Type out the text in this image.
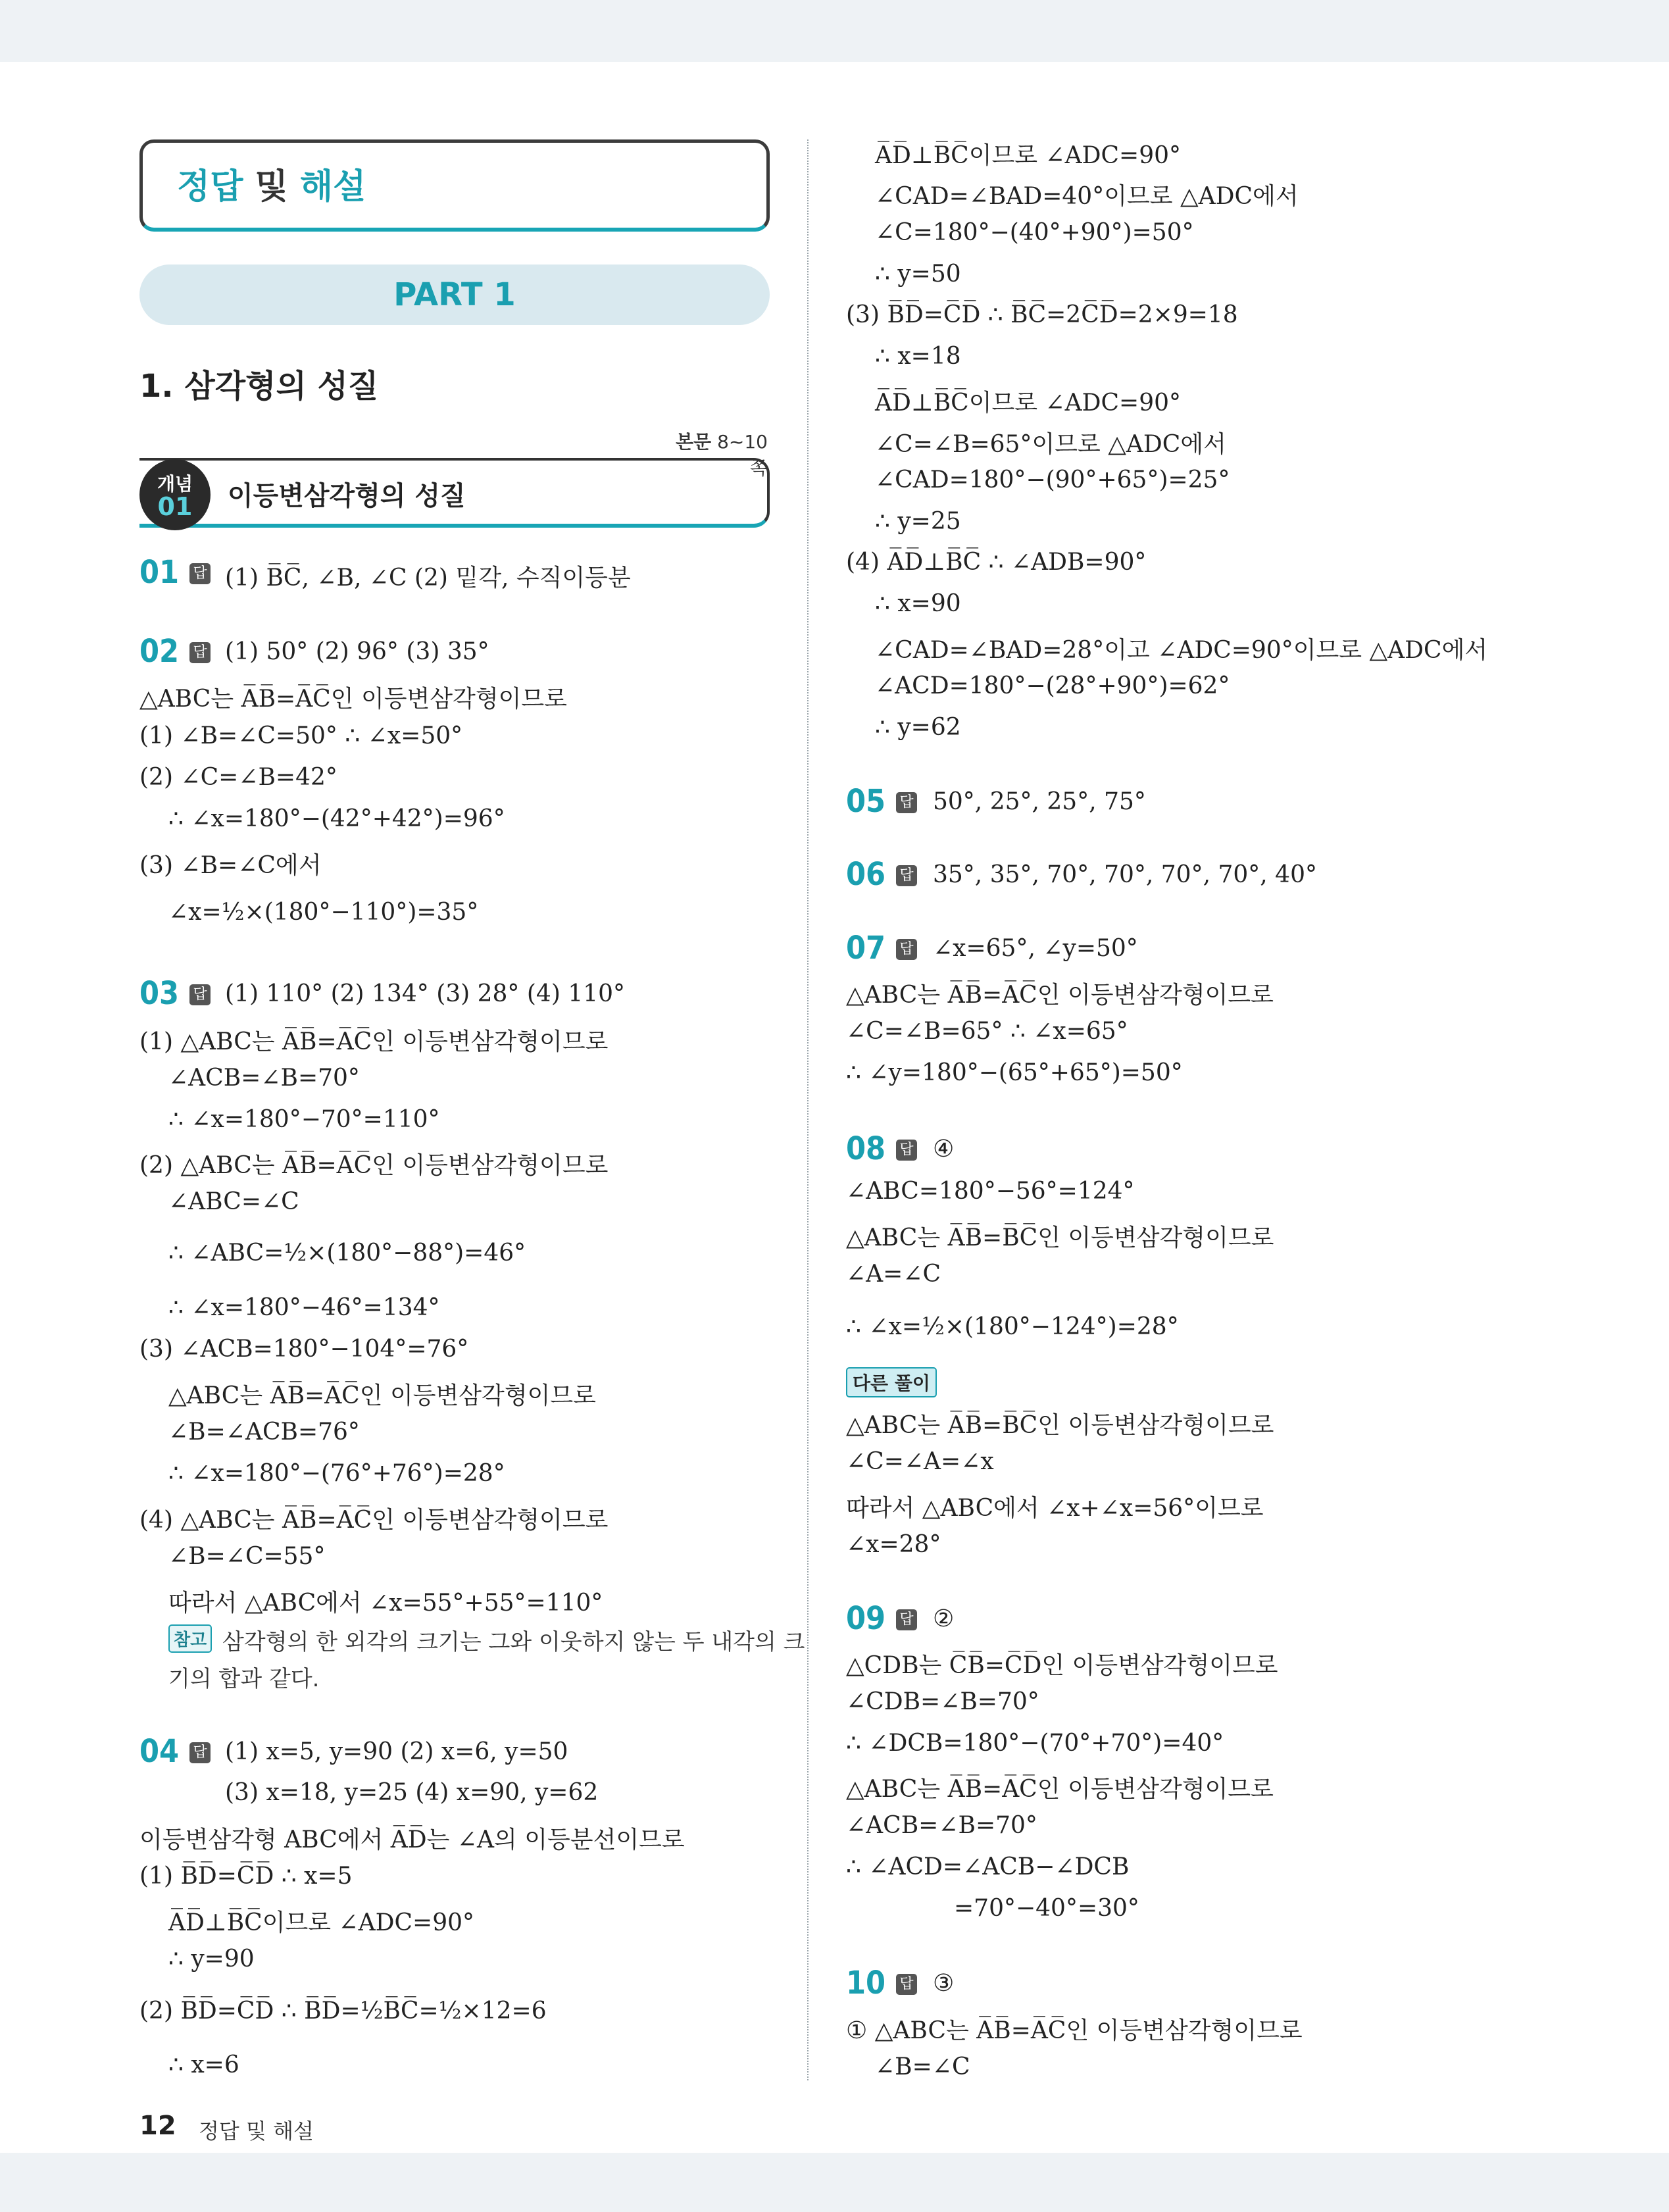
정답 및 해설
PART 1
1. 삼각형의 성질
본문 8~10쪽
개념
01	이등변삼각형의 성질
01 답 (1) B̅C̅, ∠B, ∠C (2) 밑각, 수직이등분
02 답 (1) 50° (2) 96° (3) 35°
△ABC는 A̅B̅=A̅C̅인 이등변삼각형이므로
(1) ∠B=∠C=50° ∴ ∠x=50°
(2) ∠C=∠B=42°
∴ ∠x=180°−(42°+42°)=96°
(3) ∠B=∠C에서
∠x=½×(180°−110°)=35°
03 답 (1) 110° (2) 134° (3) 28° (4) 110°
(1) △ABC는 A̅B̅=A̅C̅인 이등변삼각형이므로
∠ACB=∠B=70°
∴ ∠x=180°−70°=110°
(2) △ABC는 A̅B̅=A̅C̅인 이등변삼각형이므로
∠ABC=∠C
∴ ∠ABC=½×(180°−88°)=46°
∴ ∠x=180°−46°=134°
(3) ∠ACB=180°−104°=76°
△ABC는 A̅B̅=A̅C̅인 이등변삼각형이므로
∠B=∠ACB=76°
∴ ∠x=180°−(76°+76°)=28°
(4) △ABC는 A̅B̅=A̅C̅인 이등변삼각형이므로
∠B=∠C=55°
따라서 △ABC에서 ∠x=55°+55°=110°
참고 삼각형의 한 외각의 크기는 그와 이웃하지 않는 두 내각의 크
기의 합과 같다.
04 답 (1) x=5, y=90 (2) x=6, y=50
(3) x=18, y=25 (4) x=90, y=62
이등변삼각형 ABC에서 A̅D̅는 ∠A의 이등분선이므로
(1) B̅D̅=C̅D̅ ∴ x=5
A̅D̅⊥B̅C̅이므로 ∠ADC=90°
∴ y=90
(2) B̅D̅=C̅D̅ ∴ B̅D̅=½B̅C̅=½×12=6
∴ x=6
A̅D̅⊥B̅C̅이므로 ∠ADC=90°
∠CAD=∠BAD=40°이므로 △ADC에서
∠C=180°−(40°+90°)=50°
∴ y=50
(3) B̅D̅=C̅D̅ ∴ B̅C̅=2C̅D̅=2×9=18
∴ x=18
A̅D̅⊥B̅C̅이므로 ∠ADC=90°
∠C=∠B=65°이므로 △ADC에서
∠CAD=180°−(90°+65°)=25°
∴ y=25
(4) A̅D̅⊥B̅C̅ ∴ ∠ADB=90°
∴ x=90
∠CAD=∠BAD=28°이고 ∠ADC=90°이므로 △ADC에서
∠ACD=180°−(28°+90°)=62°
∴ y=62
05 답 50°, 25°, 25°, 75°
06 답 35°, 35°, 70°, 70°, 70°, 70°, 40°
07 답 ∠x=65°, ∠y=50°
△ABC는 A̅B̅=A̅C̅인 이등변삼각형이므로
∠C=∠B=65° ∴ ∠x=65°
∴ ∠y=180°−(65°+65°)=50°
08 답 ④
∠ABC=180°−56°=124°
△ABC는 A̅B̅=B̅C̅인 이등변삼각형이므로
∠A=∠C
∴ ∠x=½×(180°−124°)=28°
다른 풀이
△ABC는 A̅B̅=B̅C̅인 이등변삼각형이므로
∠C=∠A=∠x
따라서 △ABC에서 ∠x+∠x=56°이므로
∠x=28°
09 답 ②
△CDB는 C̅B̅=C̅D̅인 이등변삼각형이므로
∠CDB=∠B=70°
∴ ∠DCB=180°−(70°+70°)=40°
△ABC는 A̅B̅=A̅C̅인 이등변삼각형이므로
∠ACB=∠B=70°
∴ ∠ACD=∠ACB−∠DCB
=70°−40°=30°
10 답 ③
① △ABC는 A̅B̅=A̅C̅인 이등변삼각형이므로
∠B=∠C
12 정답 및 해설
